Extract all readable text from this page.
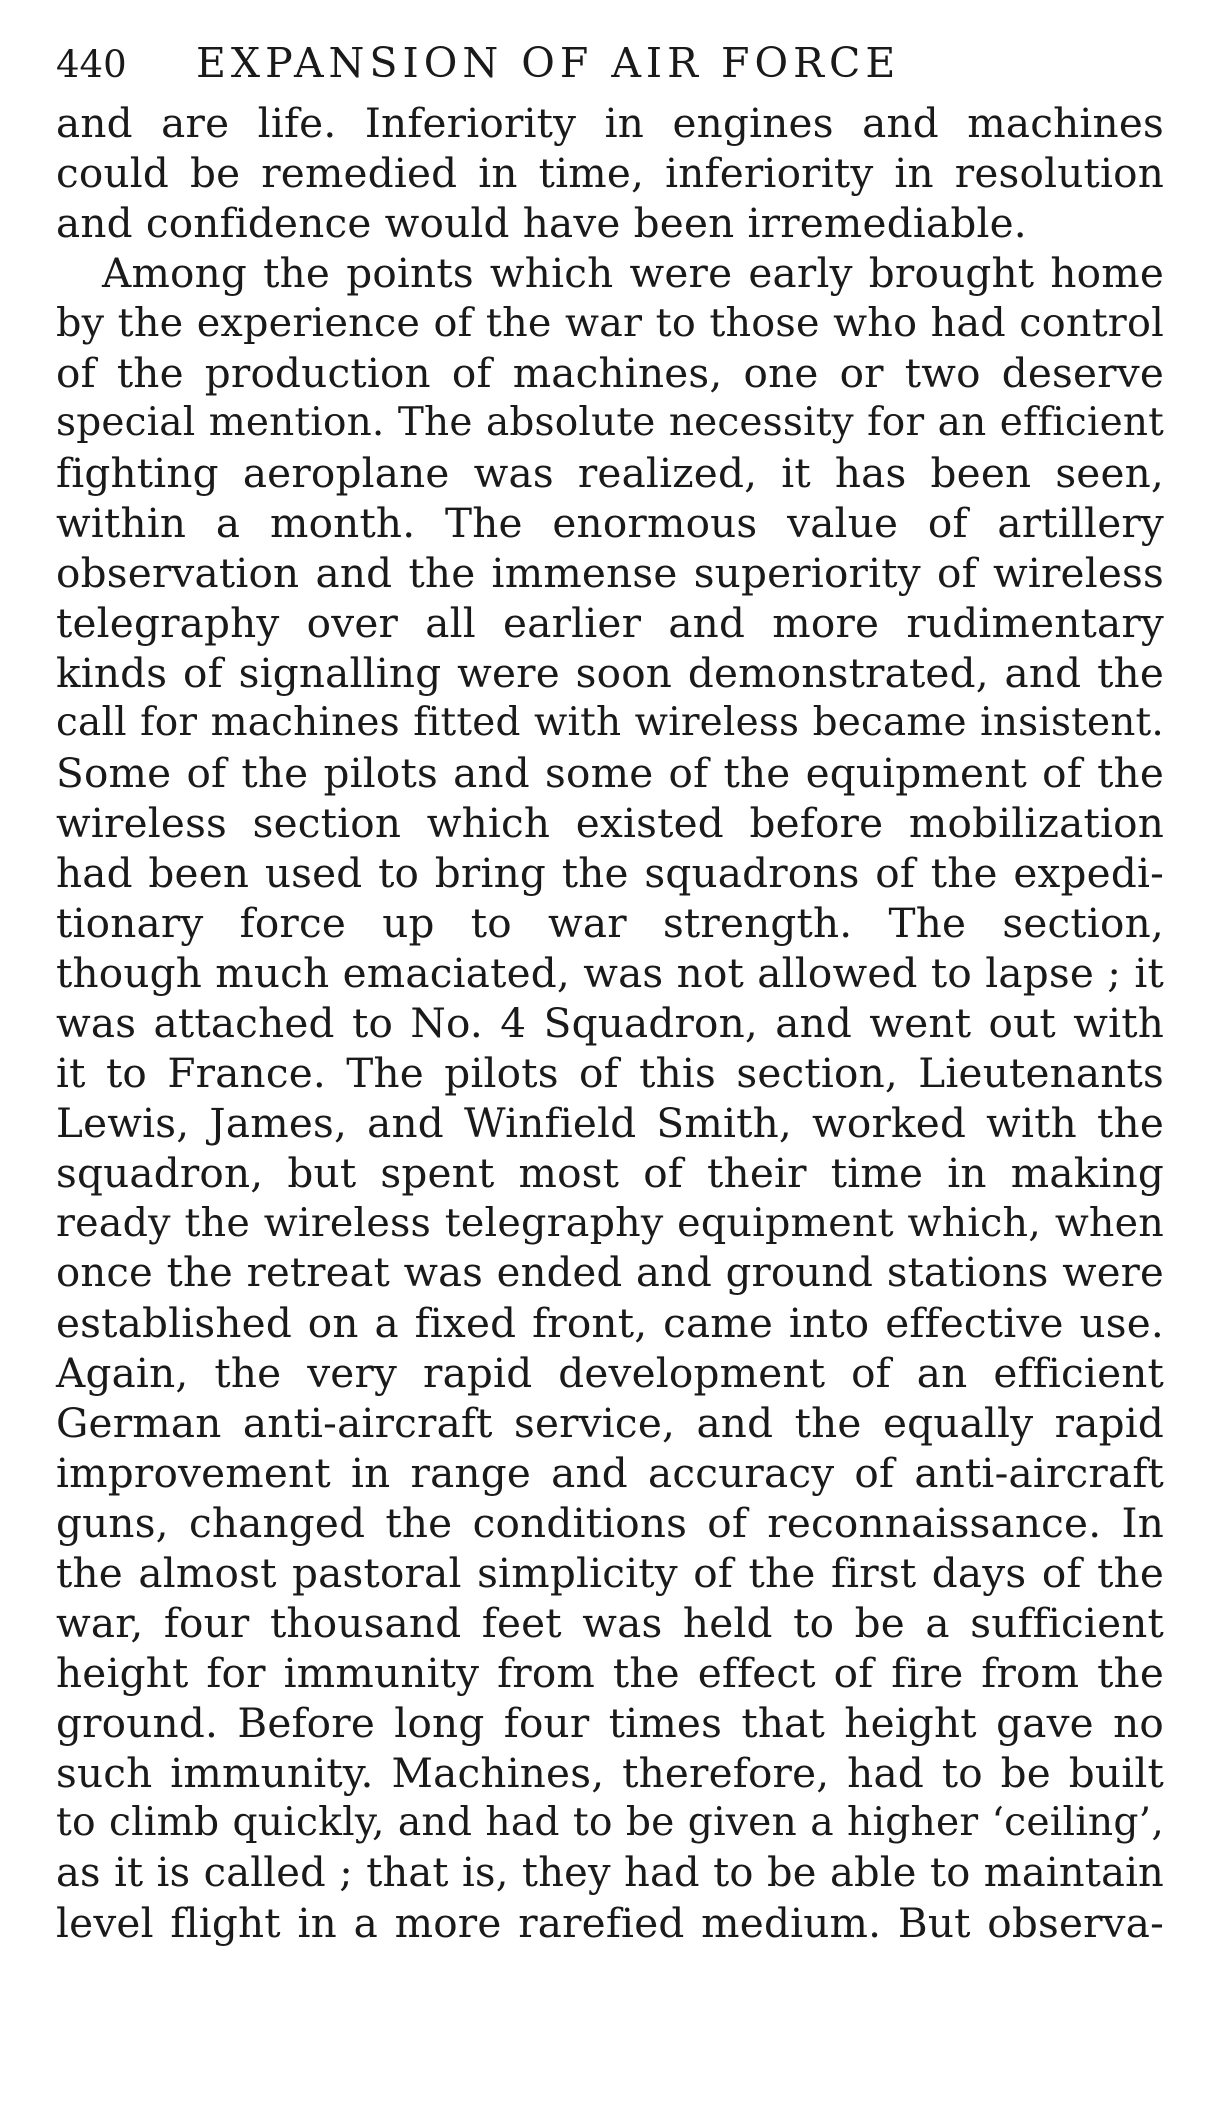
440	EXPANSION OF AIR FORCE
and are life. Inferiority in engines and machines
could be remedied in time, inferiority in resolution
and confidence would have been irremediable.
Among the points which were early brought home
by the experience of the war to those who had control
of the production of machines, one or two deserve
special mention. The absolute necessity for an efficient
fighting aeroplane was realized, it has been seen,
within a month. The enormous value of artillery
observation and the immense superiority of wireless
telegraphy over all earlier and more rudimentary
kinds of signalling were soon demonstrated, and the
call for machines fitted with wireless became insistent.
Some of the pilots and some of the equipment of the
wireless section which existed before mobilization
had been used to bring the squadrons of the expedi-
tionary force up to war strength. The section,
though much emaciated, was not allowed to lapse ; it
was attached to No. 4 Squadron, and went out with
it to France. The pilots of this section, Lieutenants
Lewis, James, and Winfield Smith, worked with the
squadron, but spent most of their time in making
ready the wireless telegraphy equipment which, when
once the retreat was ended and ground stations were
established on a fixed front, came into effective use.
Again, the very rapid development of an efficient
German anti-aircraft service, and the equally rapid
improvement in range and accuracy of anti-aircraft
guns, changed the conditions of reconnaissance. In
the almost pastoral simplicity of the first days of the
war, four thousand feet was held to be a sufficient
height for immunity from the effect of fire from the
ground. Before long four times that height gave no
such immunity. Machines, therefore, had to be built
to climb quickly, and had to be given a higher ‘ceiling’,
as it is called ; that is, they had to be able to maintain
level flight in a more rarefied medium. But observa-
